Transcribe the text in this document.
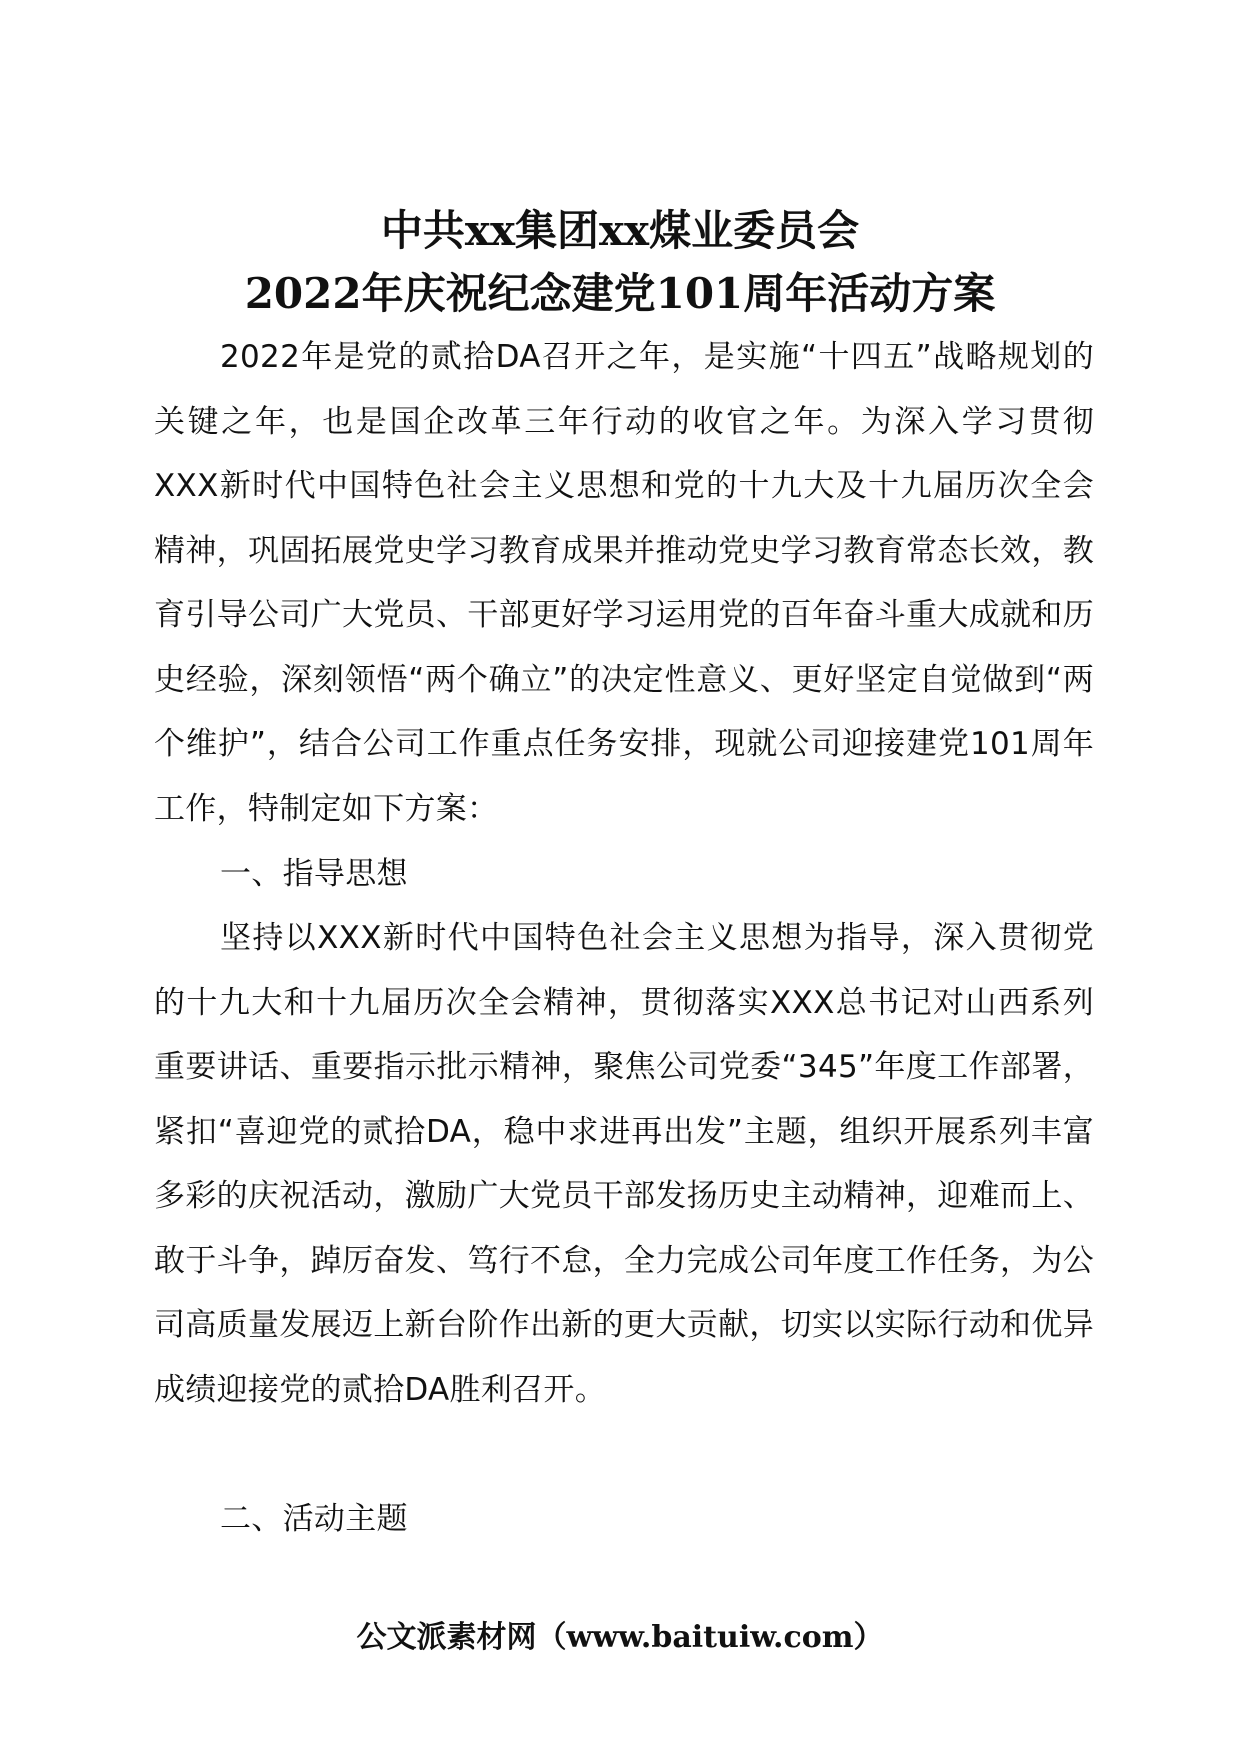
中共xx集团xx煤业委员会
2022年庆祝纪念建党101周年活动方案

2022年是党的贰拾DA召开之年，是实施“十四五”战略规划的关键之年，也是国企改革三年行动的收官之年。为深入学习贯彻XXX新时代中国特色社会主义思想和党的十九大及十九届历次全会精神，巩固拓展党史学习教育成果并推动党史学习教育常态长效，教育引导公司广大党员、干部更好学习运用党的百年奋斗重大成就和历史经验，深刻领悟“两个确立”的决定性意义、更好坚定自觉做到“两个维护”，结合公司工作重点任务安排，现就公司迎接建党101周年工作，特制定如下方案：

一、指导思想

坚持以XXX新时代中国特色社会主义思想为指导，深入贯彻党的十九大和十九届历次全会精神，贯彻落实XXX总书记对山西系列重要讲话、重要指示批示精神，聚焦公司党委“345”年度工作部署，紧扣“喜迎党的贰拾DA，稳中求进再出发”主题，组织开展系列丰富多彩的庆祝活动，激励广大党员干部发扬历史主动精神，迎难而上、敢于斗争，踔厉奋发、笃行不怠，全力完成公司年度工作任务，为公司高质量发展迈上新台阶作出新的更大贡献，切实以实际行动和优异成绩迎接党的贰拾DA胜利召开。

二、活动主题

公文派素材网（www.baituiw.com）
